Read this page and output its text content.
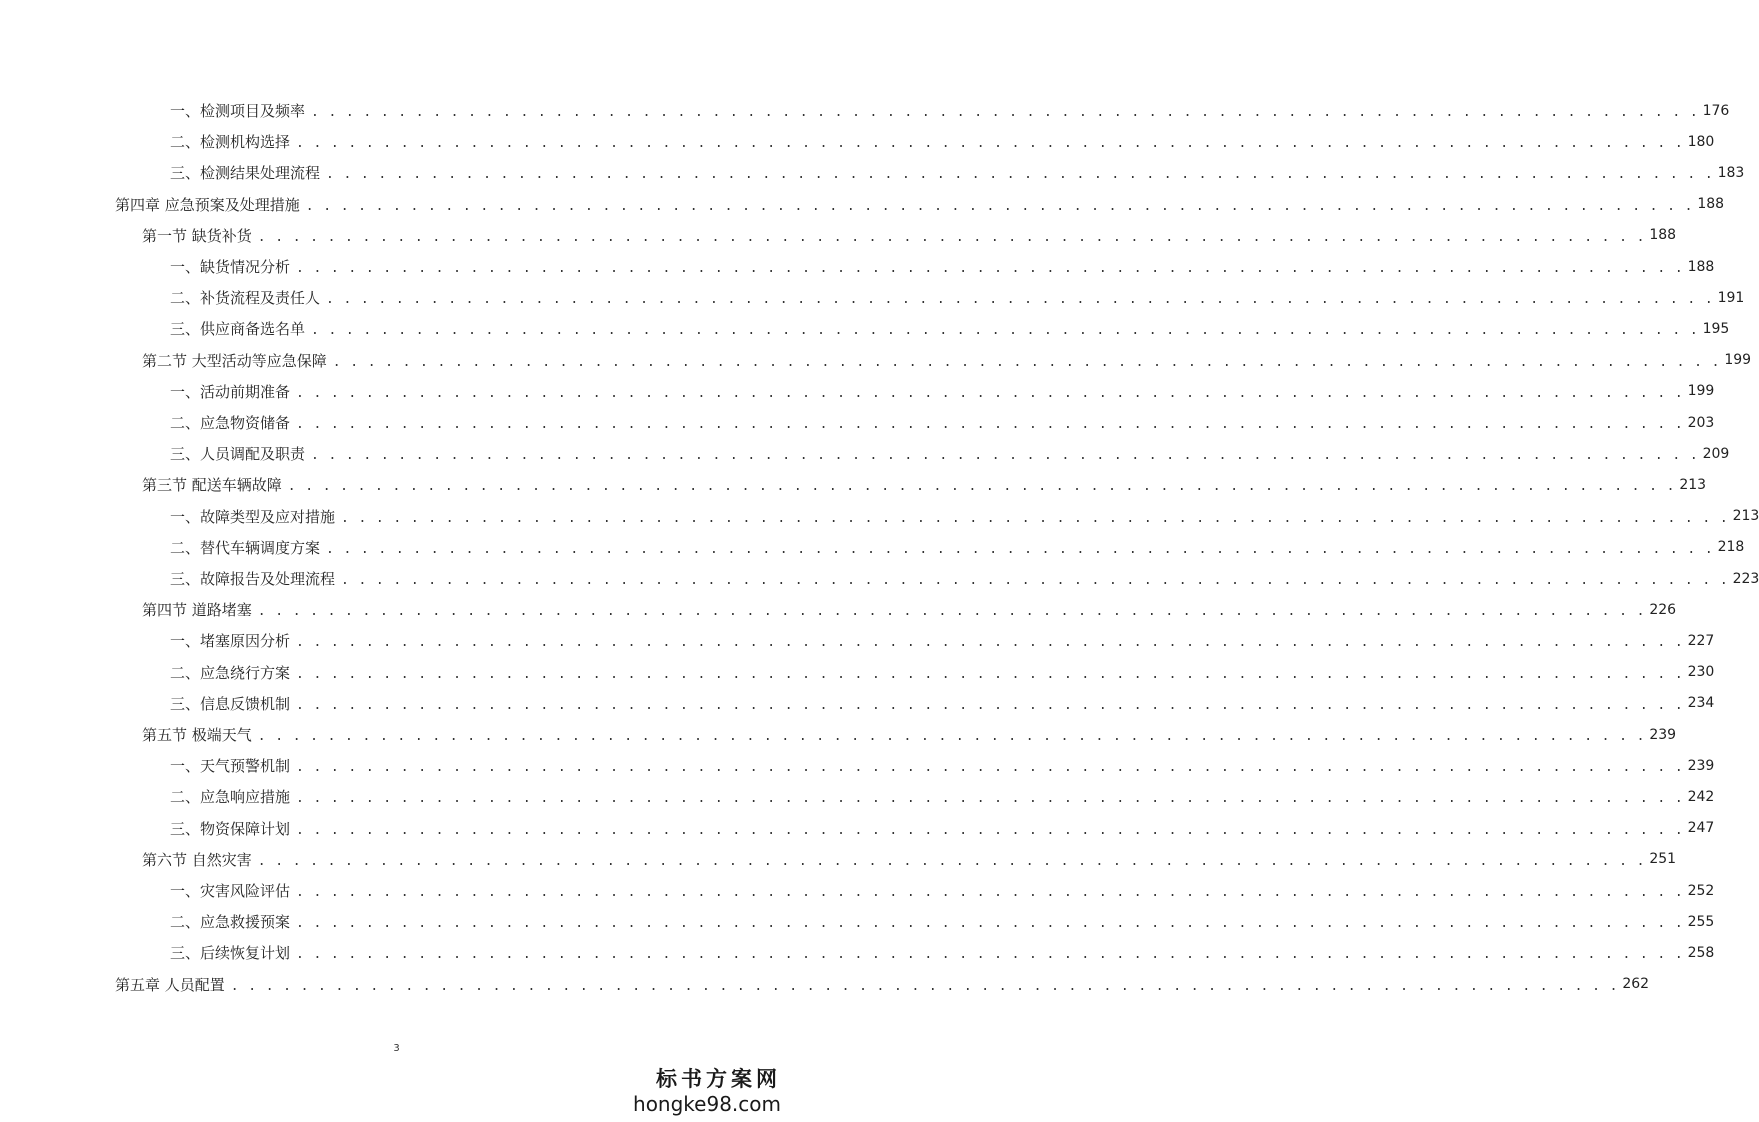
一、检测项目及频率 . . . . . . . . . . . . . . . . . . . . . . . . . . . . . . . . . . . . . . . . . . . . . . . . . . . . . . . . . . . . . . . . . . . . . . . . . . . . . . . . 176
二、检测机构选择 . . . . . . . . . . . . . . . . . . . . . . . . . . . . . . . . . . . . . . . . . . . . . . . . . . . . . . . . . . . . . . . . . . . . . . . . . . . . . . . . 180
三、检测结果处理流程 . . . . . . . . . . . . . . . . . . . . . . . . . . . . . . . . . . . . . . . . . . . . . . . . . . . . . . . . . . . . . . . . . . . . . . . . . . . . . . . . 183
第四章 应急预案及处理措施 . . . . . . . . . . . . . . . . . . . . . . . . . . . . . . . . . . . . . . . . . . . . . . . . . . . . . . . . . . . . . . . . . . . . . . . . . . . . . . . . 188
第一节 缺货补货 . . . . . . . . . . . . . . . . . . . . . . . . . . . . . . . . . . . . . . . . . . . . . . . . . . . . . . . . . . . . . . . . . . . . . . . . . . . . . . . . 188
一、缺货情况分析 . . . . . . . . . . . . . . . . . . . . . . . . . . . . . . . . . . . . . . . . . . . . . . . . . . . . . . . . . . . . . . . . . . . . . . . . . . . . . . . . 188
二、补货流程及责任人 . . . . . . . . . . . . . . . . . . . . . . . . . . . . . . . . . . . . . . . . . . . . . . . . . . . . . . . . . . . . . . . . . . . . . . . . . . . . . . . . 191
三、供应商备选名单 . . . . . . . . . . . . . . . . . . . . . . . . . . . . . . . . . . . . . . . . . . . . . . . . . . . . . . . . . . . . . . . . . . . . . . . . . . . . . . . . 195
第二节 大型活动等应急保障 . . . . . . . . . . . . . . . . . . . . . . . . . . . . . . . . . . . . . . . . . . . . . . . . . . . . . . . . . . . . . . . . . . . . . . . . . . . . . . . . 199
一、活动前期准备 . . . . . . . . . . . . . . . . . . . . . . . . . . . . . . . . . . . . . . . . . . . . . . . . . . . . . . . . . . . . . . . . . . . . . . . . . . . . . . . . 199
二、应急物资储备 . . . . . . . . . . . . . . . . . . . . . . . . . . . . . . . . . . . . . . . . . . . . . . . . . . . . . . . . . . . . . . . . . . . . . . . . . . . . . . . . 203
三、人员调配及职责 . . . . . . . . . . . . . . . . . . . . . . . . . . . . . . . . . . . . . . . . . . . . . . . . . . . . . . . . . . . . . . . . . . . . . . . . . . . . . . . . 209
第三节 配送车辆故障 . . . . . . . . . . . . . . . . . . . . . . . . . . . . . . . . . . . . . . . . . . . . . . . . . . . . . . . . . . . . . . . . . . . . . . . . . . . . . . . . 213
一、故障类型及应对措施 . . . . . . . . . . . . . . . . . . . . . . . . . . . . . . . . . . . . . . . . . . . . . . . . . . . . . . . . . . . . . . . . . . . . . . . . . . . . . . . . 213
二、替代车辆调度方案 . . . . . . . . . . . . . . . . . . . . . . . . . . . . . . . . . . . . . . . . . . . . . . . . . . . . . . . . . . . . . . . . . . . . . . . . . . . . . . . . 218
三、故障报告及处理流程 . . . . . . . . . . . . . . . . . . . . . . . . . . . . . . . . . . . . . . . . . . . . . . . . . . . . . . . . . . . . . . . . . . . . . . . . . . . . . . . . 223
第四节 道路堵塞 . . . . . . . . . . . . . . . . . . . . . . . . . . . . . . . . . . . . . . . . . . . . . . . . . . . . . . . . . . . . . . . . . . . . . . . . . . . . . . . . 226
一、堵塞原因分析 . . . . . . . . . . . . . . . . . . . . . . . . . . . . . . . . . . . . . . . . . . . . . . . . . . . . . . . . . . . . . . . . . . . . . . . . . . . . . . . . 227
二、应急绕行方案 . . . . . . . . . . . . . . . . . . . . . . . . . . . . . . . . . . . . . . . . . . . . . . . . . . . . . . . . . . . . . . . . . . . . . . . . . . . . . . . . 230
三、信息反馈机制 . . . . . . . . . . . . . . . . . . . . . . . . . . . . . . . . . . . . . . . . . . . . . . . . . . . . . . . . . . . . . . . . . . . . . . . . . . . . . . . . 234
第五节 极端天气 . . . . . . . . . . . . . . . . . . . . . . . . . . . . . . . . . . . . . . . . . . . . . . . . . . . . . . . . . . . . . . . . . . . . . . . . . . . . . . . . 239
一、天气预警机制 . . . . . . . . . . . . . . . . . . . . . . . . . . . . . . . . . . . . . . . . . . . . . . . . . . . . . . . . . . . . . . . . . . . . . . . . . . . . . . . . 239
二、应急响应措施 . . . . . . . . . . . . . . . . . . . . . . . . . . . . . . . . . . . . . . . . . . . . . . . . . . . . . . . . . . . . . . . . . . . . . . . . . . . . . . . . 242
三、物资保障计划 . . . . . . . . . . . . . . . . . . . . . . . . . . . . . . . . . . . . . . . . . . . . . . . . . . . . . . . . . . . . . . . . . . . . . . . . . . . . . . . . 247
第六节 自然灾害 . . . . . . . . . . . . . . . . . . . . . . . . . . . . . . . . . . . . . . . . . . . . . . . . . . . . . . . . . . . . . . . . . . . . . . . . . . . . . . . . 251
一、灾害风险评估 . . . . . . . . . . . . . . . . . . . . . . . . . . . . . . . . . . . . . . . . . . . . . . . . . . . . . . . . . . . . . . . . . . . . . . . . . . . . . . . . 252
二、应急救援预案 . . . . . . . . . . . . . . . . . . . . . . . . . . . . . . . . . . . . . . . . . . . . . . . . . . . . . . . . . . . . . . . . . . . . . . . . . . . . . . . . 255
三、后续恢复计划 . . . . . . . . . . . . . . . . . . . . . . . . . . . . . . . . . . . . . . . . . . . . . . . . . . . . . . . . . . . . . . . . . . . . . . . . . . . . . . . . 258
第五章 人员配置 . . . . . . . . . . . . . . . . . . . . . . . . . . . . . . . . . . . . . . . . . . . . . . . . . . . . . . . . . . . . . . . . . . . . . . . . . . . . . . . . 262
3
标书方案网
hongke98.com
